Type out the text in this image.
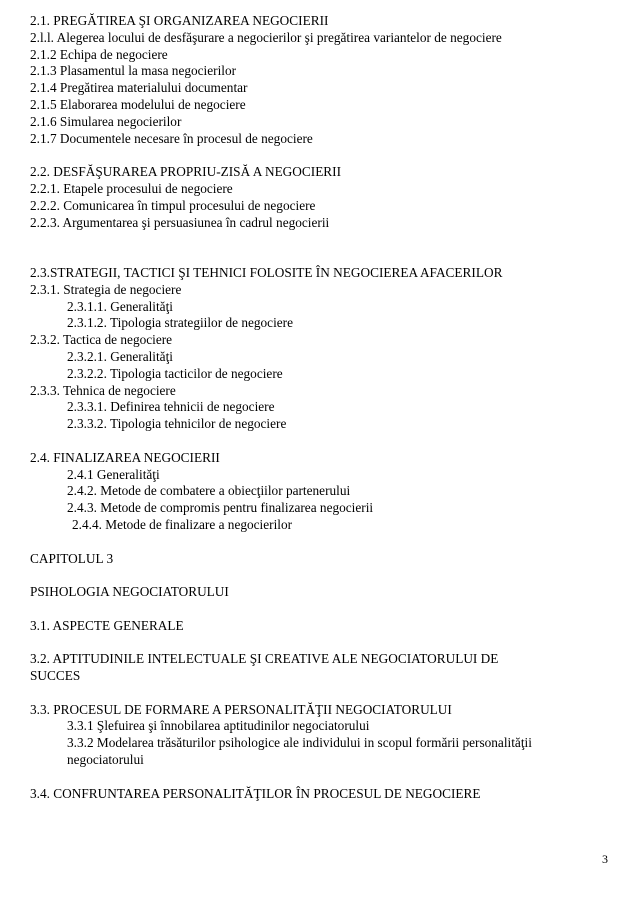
2.1. PREGĂTIREA ŞI ORGANIZAREA NEGOCIERII
2.l.l. Alegerea locului de desfăşurare a negocierilor şi pregătirea variantelor de negociere
2.1.2 Echipa de negociere
2.1.3 Plasamentul la masa negocierilor
2.1.4 Pregătirea materialului documentar
2.1.5 Elaborarea modelului de negociere
2.1.6 Simularea negocierilor
2.1.7 Documentele necesare în procesul de negociere
2.2. DESFĂŞURAREA PROPRIU-ZISĂ A NEGOCIERII
2.2.1. Etapele procesului de negociere
2.2.2. Comunicarea în timpul procesului de negociere
2.2.3. Argumentarea şi persuasiunea în cadrul negocierii
2.3.STRATEGII, TACTICI ŞI TEHNICI FOLOSITE ÎN NEGOCIEREA AFACERILOR
2.3.1. Strategia de negociere
2.3.1.1. Generalităţi
2.3.1.2. Tipologia strategiilor de negociere
2.3.2. Tactica de negociere
2.3.2.1. Generalităţi
2.3.2.2. Tipologia tacticilor de negociere
2.3.3. Tehnica de negociere
2.3.3.1. Definirea tehnicii de negociere
2.3.3.2. Tipologia tehnicilor de negociere
2.4. FINALIZAREA NEGOCIERII
2.4.1 Generalităţi
2.4.2. Metode de combatere a obiecţiilor partenerului
2.4.3. Metode de compromis pentru finalizarea negocierii
2.4.4. Metode de finalizare a negocierilor
CAPITOLUL 3
PSIHOLOGIA NEGOCIATORULUI
3.1. ASPECTE GENERALE
3.2. APTITUDINILE INTELECTUALE ŞI CREATIVE ALE NEGOCIATORULUI DE
SUCCES
3.3. PROCESUL DE FORMARE A PERSONALITĂŢII NEGOCIATORULUI
3.3.1 Şlefuirea şi înnobilarea aptitudinilor negociatorului
3.3.2 Modelarea trăsăturilor psihologice ale individului in scopul formării personalităţii
negociatorului
3.4. CONFRUNTAREA PERSONALITĂŢILOR ÎN PROCESUL DE NEGOCIERE
3
